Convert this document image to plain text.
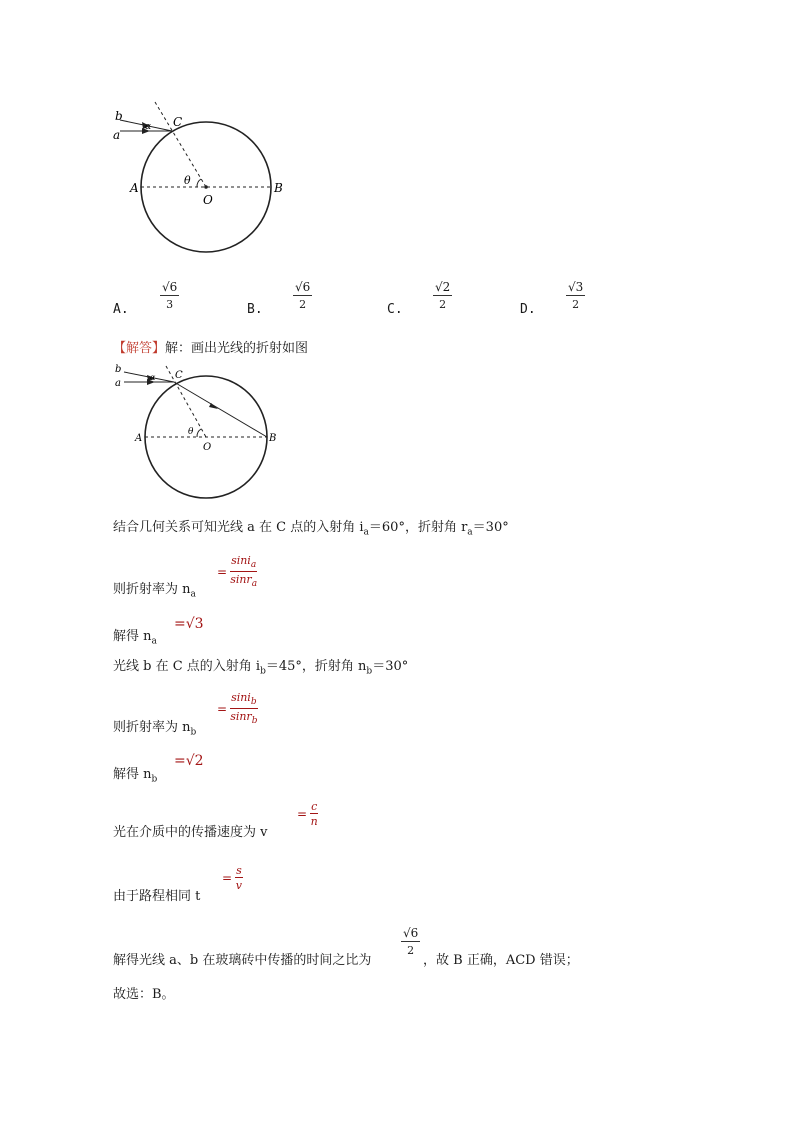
b
a
α C
A	B
O
θ
A.	$\frac{√6}{3}$	B.	$\frac{√6}{2}$	C.	$\frac{√2}{2}$	D.	$\frac{√3}{2}$
【解答】解：画出光线的折射如图
b
a
α C
A	B
O
θ
结合几何关系可知光线 a 在 C 点的入射角 $i_a=60^\circ$，折射角 $r_a=30^\circ$
则折射率为 $n_a$
= $\frac{\sin i_a}{\sin r_a}$
解得 $n_a$
=√3
光线 b 在 C 点的入射角 $i_b=45^\circ$，折射角 $n_b=30^\circ$
则折射率为 $n_b$
= $\frac{\sin i_b}{\sin r_b}$
解得 $n_b$
=√2
光在介质中的传播速度为 v
= $\frac{c}{n}$
由于路程相同 t
= $\frac{s}{v}$
解得光线 a、b 在玻璃砖中传播的时间之比为
$\frac{√6}{2}$
，故 B 正确，ACD 错误；
故选：B。
